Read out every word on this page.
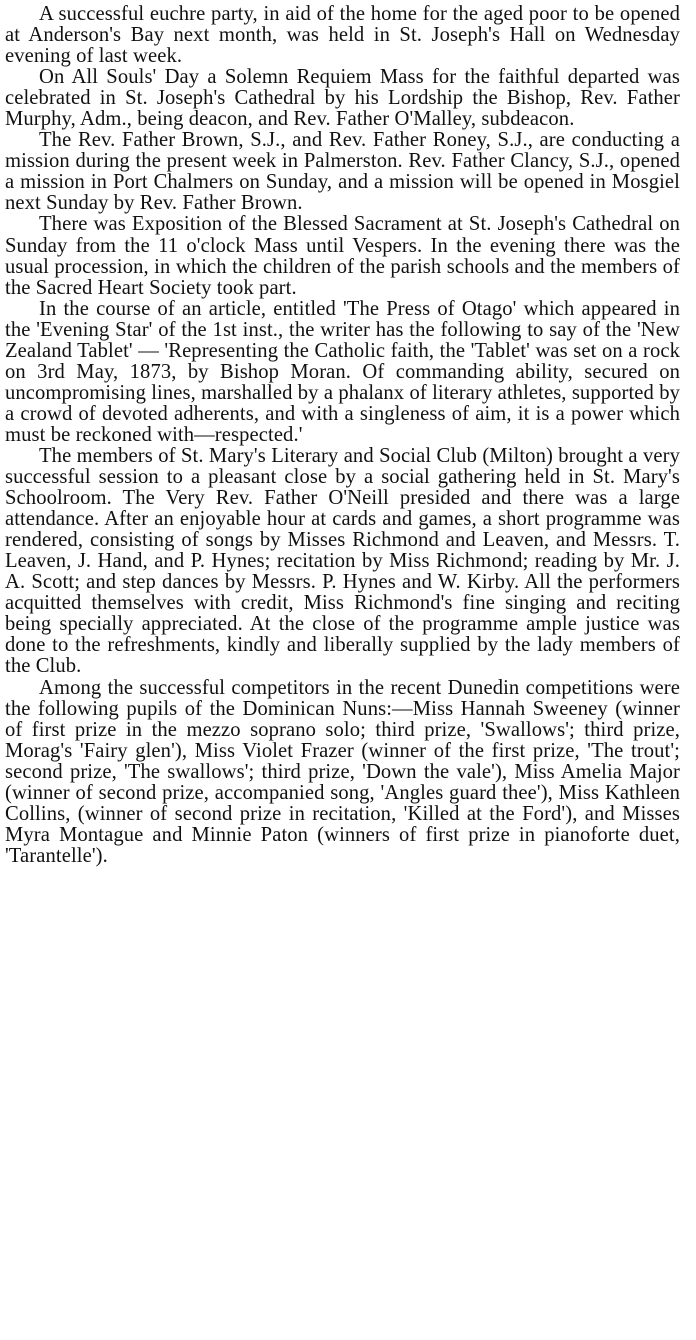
A successful euchre party, in aid of the home for the aged poor to be opened at Anderson's Bay next month, was held in St. Joseph's Hall on Wednesday evening of last week.

On All Souls' Day a Solemn Requiem Mass for the faithful departed was celebrated in St. Joseph's Cathedral by his Lordship the Bishop, Rev. Father Murphy, Adm., being deacon, and Rev. Father O'Malley, subdeacon.

The Rev. Father Brown, S.J., and Rev. Father Roney, S.J., are conducting a mission during the present week in Palmerston. Rev. Father Clancy, S.J., opened a mission in Port Chalmers on Sunday, and a mission will be opened in Mosgiel next Sunday by Rev. Father Brown.

There was Exposition of the Blessed Sacrament at St. Joseph's Cathedral on Sunday from the 11 o'clock Mass until Vespers. In the evening there was the usual procession, in which the children of the parish schools and the members of the Sacred Heart Society took part.

In the course of an article, entitled 'The Press of Otago' which appeared in the 'Evening Star' of the 1st inst., the writer has the following to say of the 'New Zealand Tablet' — 'Representing the Catholic faith, the 'Tablet' was set on a rock on 3rd May, 1873, by Bishop Moran. Of commanding ability, secured on uncompromising lines, marshalled by a phalanx of literary athletes, supported by a crowd of devoted adherents, and with a singleness of aim, it is a power which must be reckoned with—respected.'

The members of St. Mary's Literary and Social Club (Milton) brought a very successful session to a pleasant close by a social gathering held in St. Mary's Schoolroom. The Very Rev. Father O'Neill presided and there was a large attendance. After an enjoyable hour at cards and games, a short programme was rendered, consisting of songs by Misses Richmond and Leaven, and Messrs. T. Leaven, J. Hand, and P. Hynes; recitation by Miss Richmond; reading by Mr. J. A. Scott; and step dances by Messrs. P. Hynes and W. Kirby. All the performers acquitted themselves with credit, Miss Richmond's fine singing and reciting being specially appreciated. At the close of the programme ample justice was done to the refreshments, kindly and liberally supplied by the lady members of the Club.

Among the successful competitors in the recent Dunedin competitions were the following pupils of the Dominican Nuns:—Miss Hannah Sweeney (winner of first prize in the mezzo soprano solo; third prize, 'Swallows'; third prize, Morag's 'Fairy glen'), Miss Violet Frazer (winner of the first prize, 'The trout'; second prize, 'The swallows'; third prize, 'Down the vale'), Miss Amelia Major (winner of second prize, accompanied song, 'Angles guard thee'), Miss Kathleen Collins, (winner of second prize in recitation, 'Killed at the Ford'), and Misses Myra Montague and Minnie Paton (winners of first prize in pianoforte duet, 'Tarantelle').
